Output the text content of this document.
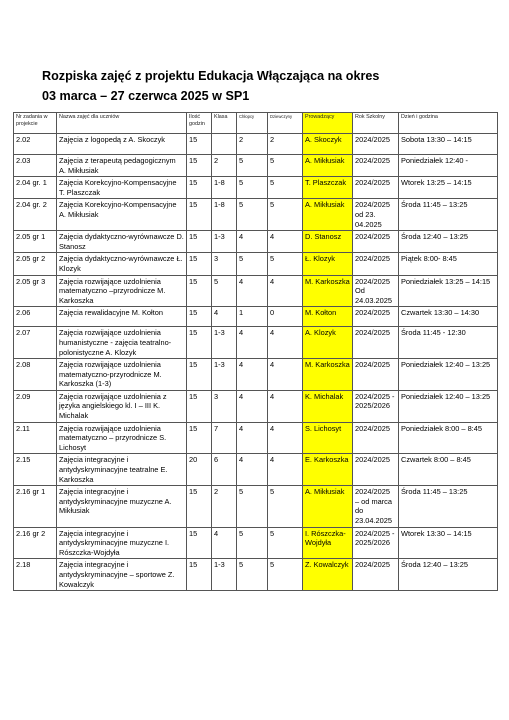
Rozpiska zajęć z projektu Edukacja Włączająca na okres
03 marca – 27 czerwca 2025 w SP1
Nr zadania w projekcie	Nazwa zajęć dla uczniów	Ilość godzin	Klasa	Chłopcy	Dziewczyny	Prowadzący	Rok Szkolny	Dzień i godzina
2.02	Zajęcia z logopedą z A. Skoczyk	15		2	2	A. Skoczyk	2024/2025	Sobota 13:30 – 14:15
2.03	Zajęcia z terapeutą pedagogicznym A. Mikłusiak	15	2	5	5	A. Mikłusiak	2024/2025	Poniedziałek 12:40 -
2.04 gr. 1	Zajęcia Korekcyjno-Kompensacyjne T. Plaszczak	15	1-8	5	5	T. Plaszczak	2024/2025	Wtorek 13:25 – 14:15
2.04 gr. 2	Zajęcia Korekcyjno-Kompensacyjne A. Mikłusiak	15	1-8	5	5	A. Mikłusiak	2024/2025 od 23. 04.2025	Środa 11:45 – 13:25
2.05 gr 1	Zajęcia dydaktyczno-wyrównawcze D. Stanosz	15	1-3	4	4	D. Stanosz	2024/2025	Środa 12:40 – 13:25
2.05 gr 2	Zajęcia dydaktyczno-wyrównawcze Ł. Klozyk	15	3	5	5	Ł. Klozyk	2024/2025	Piątek 8:00- 8:45
2.05 gr 3	Zajęcia rozwijające uzdolnienia matematyczno –przyrodnicze M. Karkoszka	15	5	4	4	M. Karkoszka	2024/2025 Od 24.03.2025	Poniedziałek 13:25 – 14:15
2.06	Zajęcia rewalidacyjne M. Kołton	15	4	1	0	M. Kołton	2024/2025	Czwartek 13:30 – 14:30
2.07	Zajęcia rozwijające uzdolnienia humanistyczne - zajęcia teatralno-polonistyczne A. Klozyk	15	1-3	4	4	A. Klozyk	2024/2025	Środa 11:45 - 12:30
2.08	Zajęcia rozwijające uzdolnienia matematyczno-przyrodnicze M. Karkoszka (1-3)	15	1-3	4	4	M. Karkoszka	2024/2025	Poniedziałek 12:40 – 13:25
2.09	Zajęcia rozwijające uzdolnienia z języka angielskiego kl. I – III K. Michalak	15	3	4	4	K. Michalak	2024/2025 - 2025/2026	Poniedziałek 12:40 – 13:25
2.11	Zajęcia rozwijające uzdolnienia matematyczno – przyrodnicze S. Lichosyt	15	7	4	4	S. Lichosyt	2024/2025	Poniedziałek 8:00 – 8:45
2.15	Zajęcia integracyjne i antydyskryminacyjne teatralne E. Karkoszka	20	6	4	4	E. Karkoszka	2024/2025	Czwartek 8:00 – 8:45
2.16 gr 1	Zajęcia integracyjne i antydyskryminacyjne muzyczne A. Mikłusiak	15	2	5	5	A. Mikłusiak	2024/2025 – od marca do 23.04.2025	Środa 11:45 – 13:25
2.16 gr 2	Zajęcia integracyjne i antydyskryminacyjne muzyczne I. Rószczka-Wojdyła	15	4	5	5	I. Rószczka-Wojdyła	2024/2025 - 2025/2026	Wtorek 13:30 – 14:15
2.18	Zajęcia integracyjne i antydyskryminacyjne – sportowe Z. Kowalczyk	15	1-3	5	5	Z. Kowalczyk	2024/2025	Środa 12:40 – 13:25
